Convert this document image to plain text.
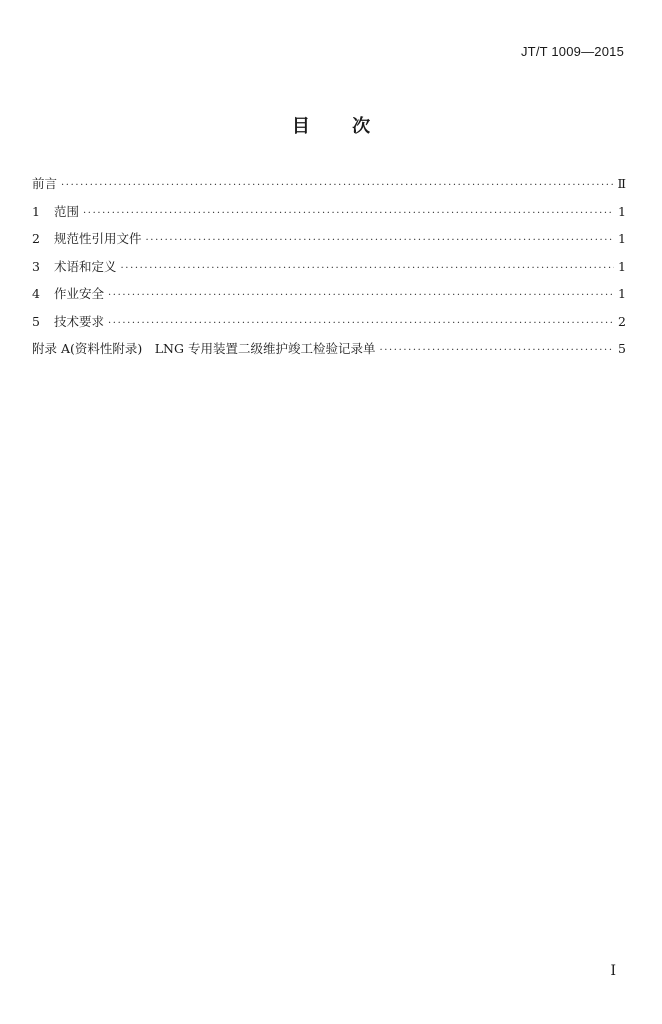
JT/T 1009—2015
目 次
前言 ·····	Ⅱ
1	范围 ·····	1
2	规范性引用文件 ·····	1
3	术语和定义 ·····	1
4	作业安全 ·····	1
5	技术要求 ·····	2
附录 A(资料性附录)　LNG 专用装置二级维护竣工检验记录单 ·····	5
I
